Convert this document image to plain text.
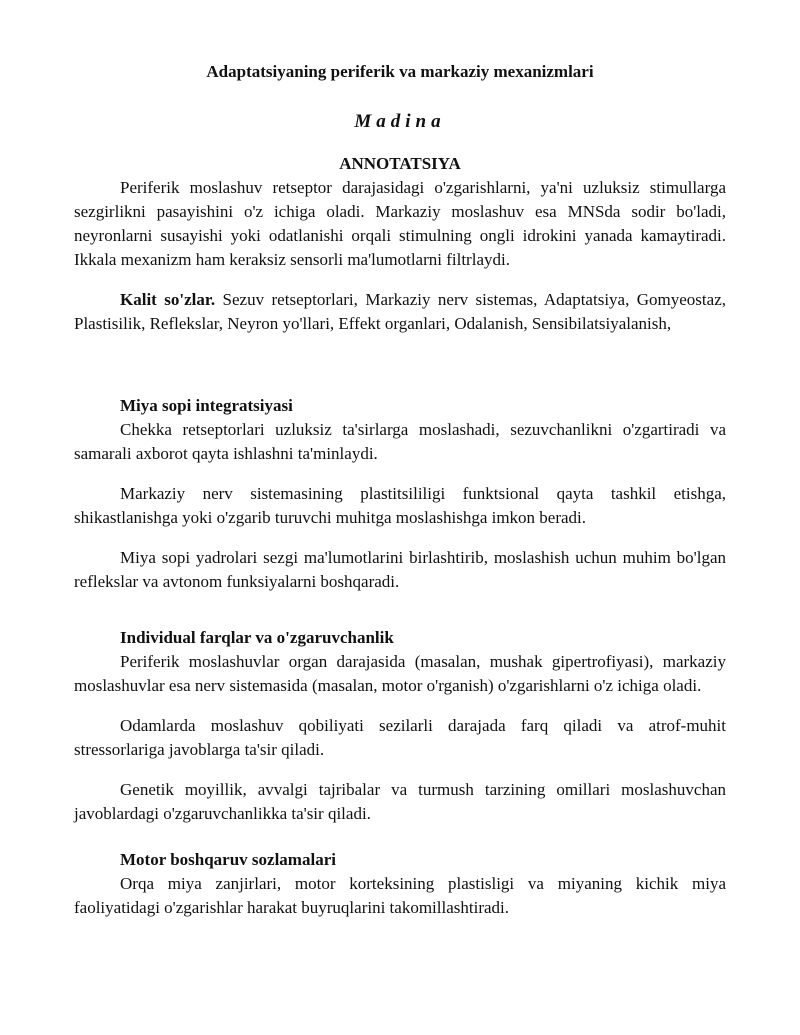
Adaptatsiyaning periferik va markaziy mexanizmlari
Madina
ANNOTATSIYA

Periferik moslashuv retseptor darajasidagi o'zgarishlarni, ya'ni uzluksiz stimullarga sezgirlikni pasayishini o'z ichiga oladi. Markaziy moslashuv esa MNSda sodir bo'ladi, neyronlarni susayishi yoki odatlanishi orqali stimulning ongli idrokini yanada kamaytiradi. Ikkala mexanizm ham keraksiz sensorli ma'lumotlarni filtrlaydi.

Kalit so'zlar. Sezuv retseptorlari, Markaziy nerv sistemas, Adaptatsiya, Gomyeostaz, Plastisilik, Reflekslar, Neyron yo'llari, Effekt organlari, Odalanish, Sensibilatsiyalanish,

Miya sopi integratsiyasi

Chekka retseptorlari uzluksiz ta'sirlarga moslashadi, sezuvchanlikni o'zgartiradi va samarali axborot qayta ishlashni ta'minlaydi.

Markaziy nerv sistemasining plastitsililigi funktsional qayta tashkil etishga, shikastlanishga yoki o'zgarib turuvchi muhitga moslashishga imkon beradi.

Miya sopi yadrolari sezgi ma'lumotlarini birlashtirib, moslashish uchun muhim bo'lgan reflekslar va avtonom funksiyalarni boshqaradi.

Individual farqlar va o'zgaruvchanlik

Periferik moslashuvlar organ darajasida (masalan, mushak gipertrofiyasi), markaziy moslashuvlar esa nerv sistemasida (masalan, motor o'rganish) o'zgarishlarni o'z ichiga oladi.

Odamlarda moslashuv qobiliyati sezilarli darajada farq qiladi va atrof-muhit stressorlariga javoblarga ta'sir qiladi.

Genetik moyillik, avvalgi tajribalar va turmush tarzining omillari moslashuvchan javoblardagi o'zgaruvchanlikka ta'sir qiladi.

Motor boshqaruv sozlamalari

Orqa miya zanjirlari, motor korteksining plastisligi va miyaning kichik miya faoliyatidagi o'zgarishlar harakat buyruqlarini takomillashtiradi.
